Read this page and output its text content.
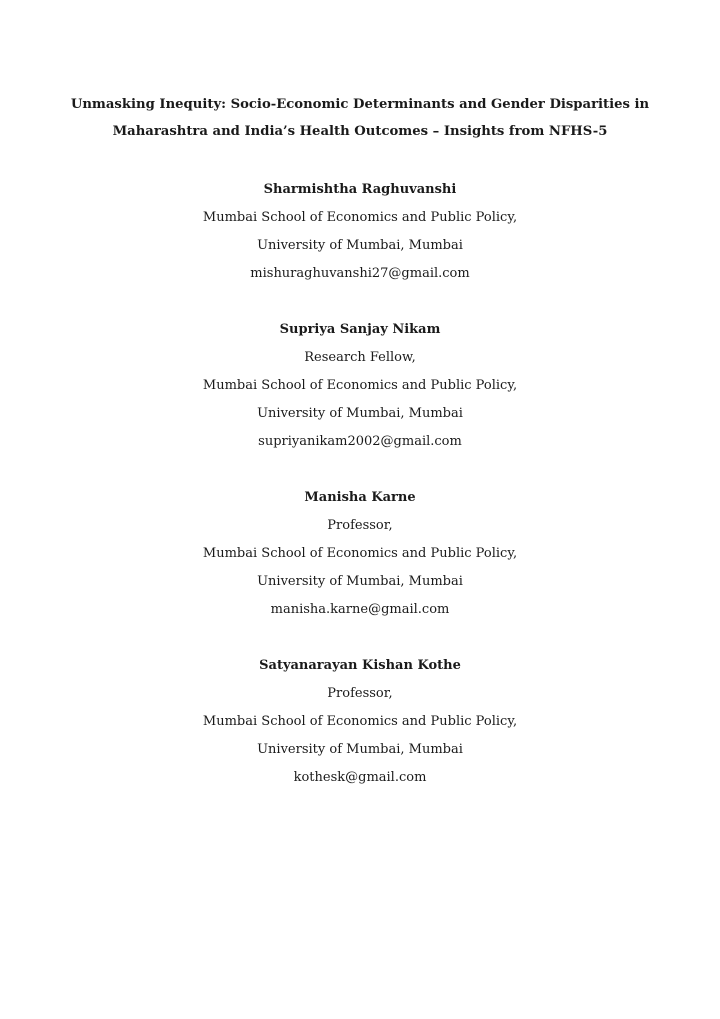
Unmasking Inequity: Socio-Economic Determinants and Gender Disparities in
Maharashtra and India’s Health Outcomes – Insights from NFHS-5
Sharmishtha Raghuvanshi
Mumbai School of Economics and Public Policy,
University of Mumbai, Mumbai
mishuraghuvanshi27@gmail.com
Supriya Sanjay Nikam
Research Fellow,
Mumbai School of Economics and Public Policy,
University of Mumbai, Mumbai
supriyanikam2002@gmail.com
Manisha Karne
Professor,
Mumbai School of Economics and Public Policy,
University of Mumbai, Mumbai
manisha.karne@gmail.com
Satyanarayan Kishan Kothe
Professor,
Mumbai School of Economics and Public Policy,
University of Mumbai, Mumbai
kothesk@gmail.com
